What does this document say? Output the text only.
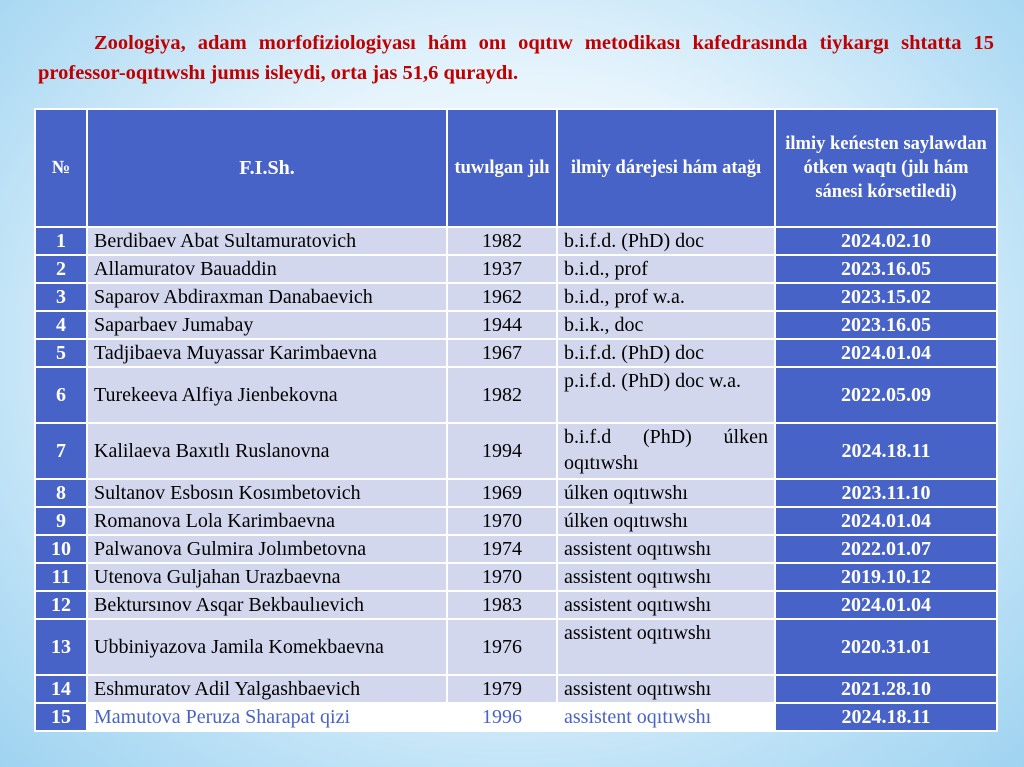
Zoologiya, adam morfofiziologiyası hám onı oqıtıw metodikası kafedrasında tiykargı shtatta 15 professor-oqıtıwshı jumıs isleydi, orta jas 51,6 quraydı.
№	F.I.Sh.	tuwılgan jılı	ilmiy dárejesi hám atağı	ilmiy keńesten saylawdan ótken waqtı (jılı hám sánesi kórsetiledi)
1	Berdibaev Abat Sultamuratovich	1982	b.i.f.d. (PhD) doc	2024.02.10
2	Allamuratov Bauaddin	1937	b.i.d., prof	2023.16.05
3	Saparov Abdiraxman Danabaevich	1962	b.i.d., prof w.a.	2023.15.02
4	Saparbaev Jumabay	1944	b.i.k., doc	2023.16.05
5	Tadjibaeva Muyassar Karimbaevna	1967	b.i.f.d. (PhD) doc	2024.01.04
6	Turekeeva Alfiya Jienbekovna	1982	p.i.f.d. (PhD) doc w.a.	2022.05.09
7	Kalilaeva Baxıtlı Ruslanovna	1994	b.i.f.d (PhD) úlken oqıtıwshı	2024.18.11
8	Sultanov Esbosın Kosımbetovich	1969	úlken oqıtıwshı	2023.11.10
9	Romanova Lola Karimbaevna	1970	úlken oqıtıwshı	2024.01.04
10	Palwanova Gulmira Jolımbetovna	1974	assistent oqıtıwshı	2022.01.07
11	Utenova Guljahan Urazbaevna	1970	assistent oqıtıwshı	2019.10.12
12	Bektursınov Asqar Bekbaulıevich	1983	assistent oqıtıwshı	2024.01.04
13	Ubbiniyazova Jamila Komekbaevna	1976	assistent oqıtıwshı	2020.31.01
14	Eshmuratov Adil Yalgashbaevich	1979	assistent oqıtıwshı	2021.28.10
15	Mamutova Peruza Sharapat qizi	1996	assistent oqıtıwshı	2024.18.11
